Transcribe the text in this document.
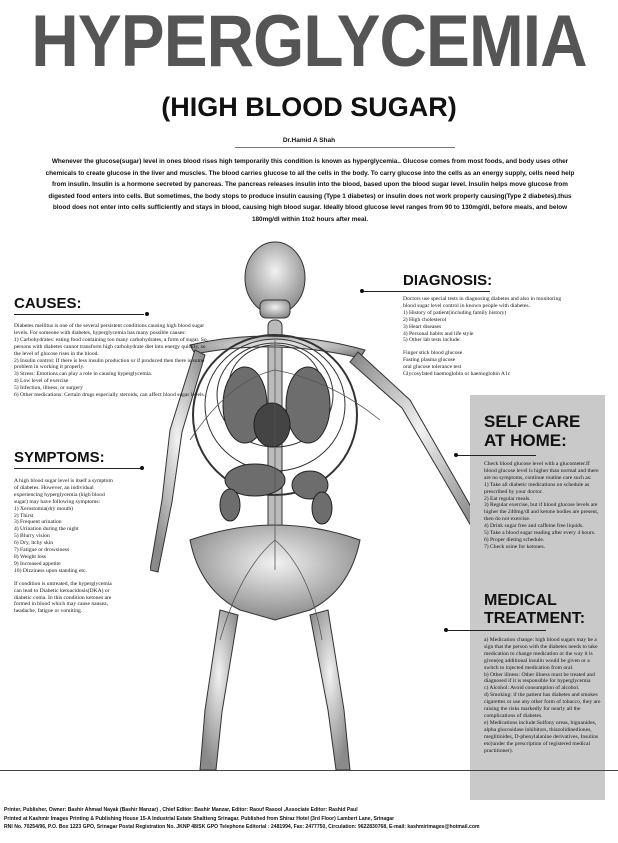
HYPERGLYCEMIA
(HIGH BLOOD SUGAR)
Dr.Hamid A Shah
Whenever the glucose(sugar) level in ones blood rises high temporarily this condition is known as hyperglycemia.. Glucose comes from most foods, and body uses other chemicals to create glucose in the liver and muscles. The blood carries glucose to all the cells in the body. To carry glucose into the cells as an energy supply, cells need help from insulin. Insulin is a hormone secreted by pancreas. The pancreas releases insulin into the blood, based upon the blood sugar level. Insulin helps move glucose from digested food enters into cells. But sometimes, the body stops to produce insulin causing (Type 1 diabetes) or insulin does not work properly causing(Type 2 diabetes).thus blood does not enter into cells sufficiently and stays in blood, causing high blood sugar. Ideally blood glucose level ranges from 90 to 130mg/dl, before meals, and below 180mg/dl within 1to2 hours after meal.
CAUSES:
Diabetes mellitus is one of the several persistent conditions causing high blood sugar levels. For someone with diabetes, hyperglycemia has many possible causes:
1) Carbohydrates: eating food containing too many carbohydrates, a form of sugar. So, persons with diabetes cannot transform high carbohydrate diet into energy quickly, so the level of glucose rises in the blood.
2) Insulin control: If there is less insulin production or if produced then there is some problem in working it properly.
3) Stress: Emotions can play a role in causing hyperglycemia.
4) Low level of exercise
5) Infection, illness, or surgery
6) Other medications: Certain drugs especially steroids, can affect blood sugar levels.
SYMPTOMS:
A high blood sugar level is itself a symptom of diabetes. However, an individual experiencing hyperglycemia (high blood sugar) may have following symptoms:
1) Xerostomia(dry mouth)
2) Thirst
3) Frequent urination
4) Urination during the night
5) Blurry vision
6) Dry, itchy skin
7) Fatigue or drowsiness
8) Weight loss
9) Increased appetite
10) Dizziness upon standing etc.
If condition is untreated, the hyperglycemia can lead to Diabetic ketoacidosis(DKA) or diabetic coma. In this condition ketones are formed in blood which may cause nausea, headache, fatigue or vomiting.
DIAGNOSIS:
Doctors use special tests in diagnosing diabetes and also in monitoring blood sugar level control in known people with diabetes.
1) History of patient(including family history)
2) High cholesterol
3) Heart diseases
4) Personal habits and life style
5) Other lab tests include:
Finger stick blood glucose
Fasting plasma glucose
oral glucose tolerance test
Glycosylated haemoglobin or haemoglobin A1c
SELF CARE
AT HOME:
Check blood glucose level with a glucometer.If blood glucose level is higher than normal and there are no symptoms, continue routine care such as:
1) Take all diabetic medications on schedule as prescribed by your doctor.
2) Eat regular meals.
3) Regular exercise, but if blood glucose levels are higher the 240mg/dl and ketone bodies are present, then do not exercise.
4) Drink sugar free and caffeine free liquids.
5) Take a blood sugar reading after every 4 hours.
6) Proper dieting schedule.
7) Check urine for ketones.
MEDICAL
TREATMENT:
a) Medication change: high blood sugars may be a sign that the person with the diabetes needs to take medication to change medication or the way it is given(eg additional insulin would be given or a switch to injected medication from oral.
b) Other illness: Other illness must be treated and diagnosed if it is responsible for hyperglycemia
c) Alcohol: Avoid consumption of alcohol.
d) Smoking: if the patient has diabetes and smokes cigarettes or use any other form of tobacco, they are raising the risks markedly for nearly all the complications of diabetes.
e) Medications include:Sulfony ureas, biguanides, alpha glucosidase inhibitors, thiazolidinediones, meglitinides, D-phenylalanine derivatives, Insulins etc(under the prescription of registered medical practitioner).
Printer, Publisher, Owner: Bashir Ahmad Nayak (Bashir Manzar) , Chief Editor: Bashir Manzar, Editor: Raouf Rasool ,Associate Editor: Rashid Paul
Printed at Kashmir Images Printing & Publishing House 15-A Industrial Estate Shaltteng Srinagar. Published from Shiraz Hotel (3rd Floor) Lambert Lane, Srinagar
RNI No. 70254/96, P.O. Box 1223 GPO, Srinagar Postal Registration No. JKNP 48/SK GPO Telephone Editorial : 2481994, Fax: 2477750, Circulation: 9622830768, E-mail: kashmirimages@hotmail.com
